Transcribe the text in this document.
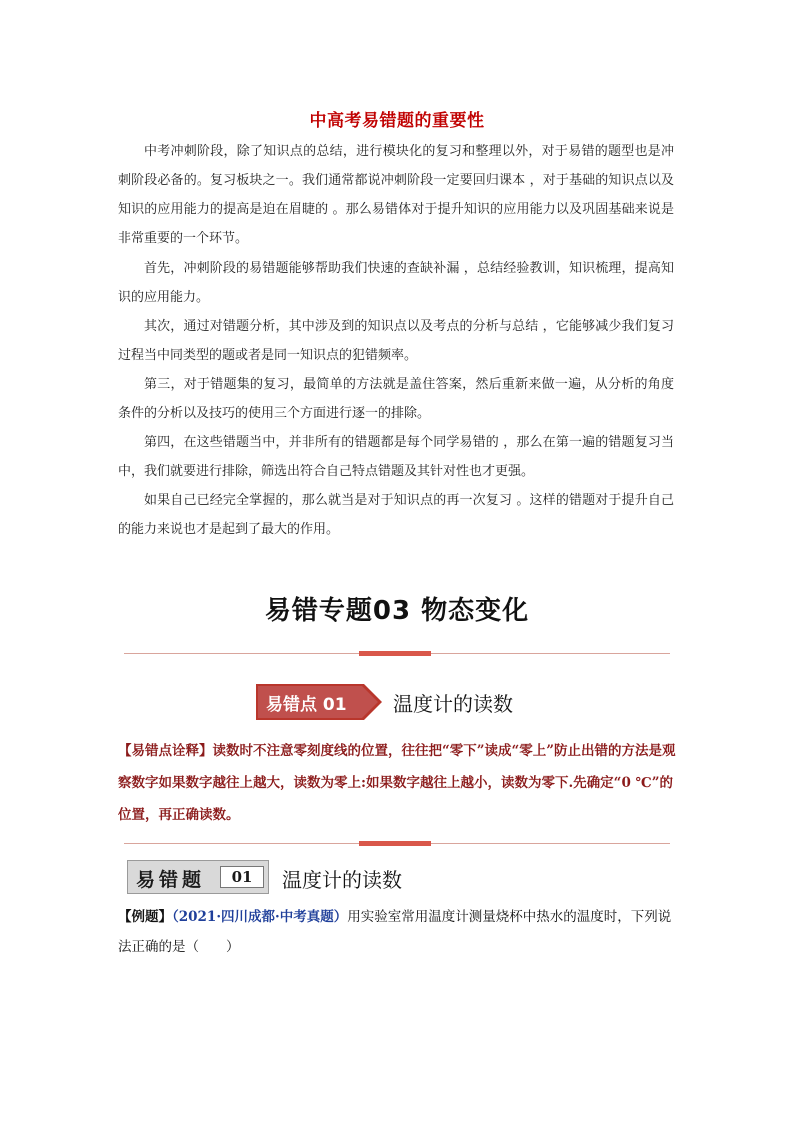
中高考易错题的重要性

中考冲刺阶段，除了知识点的总结，进行模块化的复习和整理以外，对于易错的题型也是冲刺阶段必备的。复习板块之一。我们通常都说冲刺阶段一定要回归课本 ，对于基础的知识点以及知识的应用能力的提高是迫在眉睫的 。那么易错体对于提升知识的应用能力以及巩固基础来说是非常重要的一个环节。

首先，冲刺阶段的易错题能够帮助我们快速的查缺补漏 ，总结经验教训，知识梳理，提高知识的应用能力。

其次，通过对错题分析，其中涉及到的知识点以及考点的分析与总结 ，它能够减少我们复习过程当中同类型的题或者是同一知识点的犯错频率。

第三，对于错题集的复习，最简单的方法就是盖住答案，然后重新来做一遍，从分析的角度条件的分析以及技巧的使用三个方面进行逐一的排除。

第四，在这些错题当中，并非所有的错题都是每个同学易错的 ，那么在第一遍的错题复习当中，我们就要进行排除，筛选出符合自己特点错题及其针对性也才更强。

如果自己已经完全掌握的，那么就当是对于知识点的再一次复习 。这样的错题对于提升自己的能力来说也才是起到了最大的作用。

易错专题03 物态变化
易错点 01	温度计的读数

【易错点诠释】读数时不注意零刻度线的位置，往往把“零下”读成“零上”防止出错的方法是观察数字如果数字越往上越大，读数为零上:如果数字越往上越小，读数为零下.先确定“0 ℃”的位置，再正确读数。

易错题	01	温度计的读数

【例题】（2021·四川成都·中考真题）用实验室常用温度计测量烧杯中热水的温度时，下列说法正确的是（　　）
